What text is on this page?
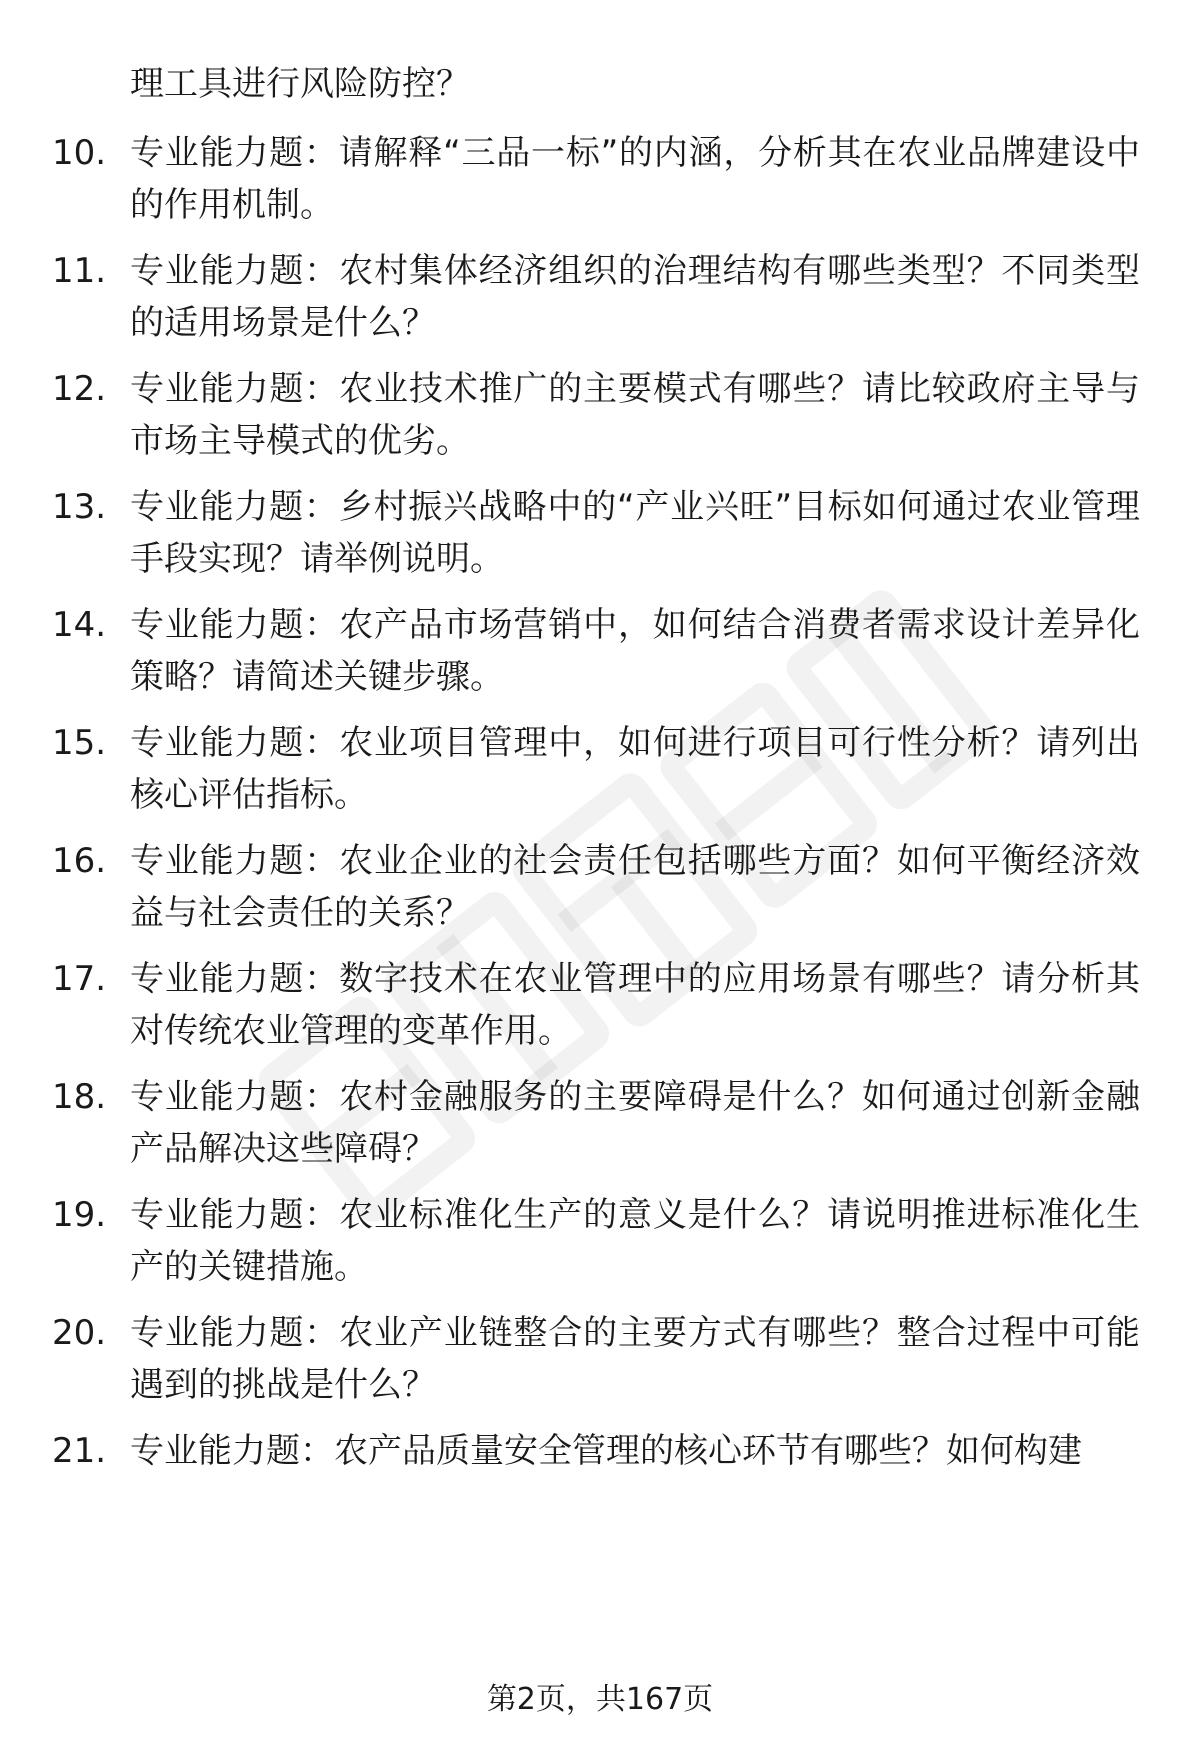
理工具进行风险防控？
10. 专业能力题：请解释“三品一标”的内涵，分析其在农业品牌建设中的作用机制。
11. 专业能力题：农村集体经济组织的治理结构有哪些类型？不同类型的适用场景是什么？
12. 专业能力题：农业技术推广的主要模式有哪些？请比较政府主导与市场主导模式的优劣。
13. 专业能力题：乡村振兴战略中的“产业兴旺”目标如何通过农业管理手段实现？请举例说明。
14. 专业能力题：农产品市场营销中，如何结合消费者需求设计差异化策略？请简述关键步骤。
15. 专业能力题：农业项目管理中，如何进行项目可行性分析？请列出核心评估指标。
16. 专业能力题：农业企业的社会责任包括哪些方面？如何平衡经济效益与社会责任的关系？
17. 专业能力题：数字技术在农业管理中的应用场景有哪些？请分析其对传统农业管理的变革作用。
18. 专业能力题：农村金融服务的主要障碍是什么？如何通过创新金融产品解决这些障碍？
19. 专业能力题：农业标准化生产的意义是什么？请说明推进标准化生产的关键措施。
20. 专业能力题：农业产业链整合的主要方式有哪些？整合过程中可能遇到的挑战是什么？
21. 专业能力题：农产品质量安全管理的核心环节有哪些？如何构建
第2页，共167页
